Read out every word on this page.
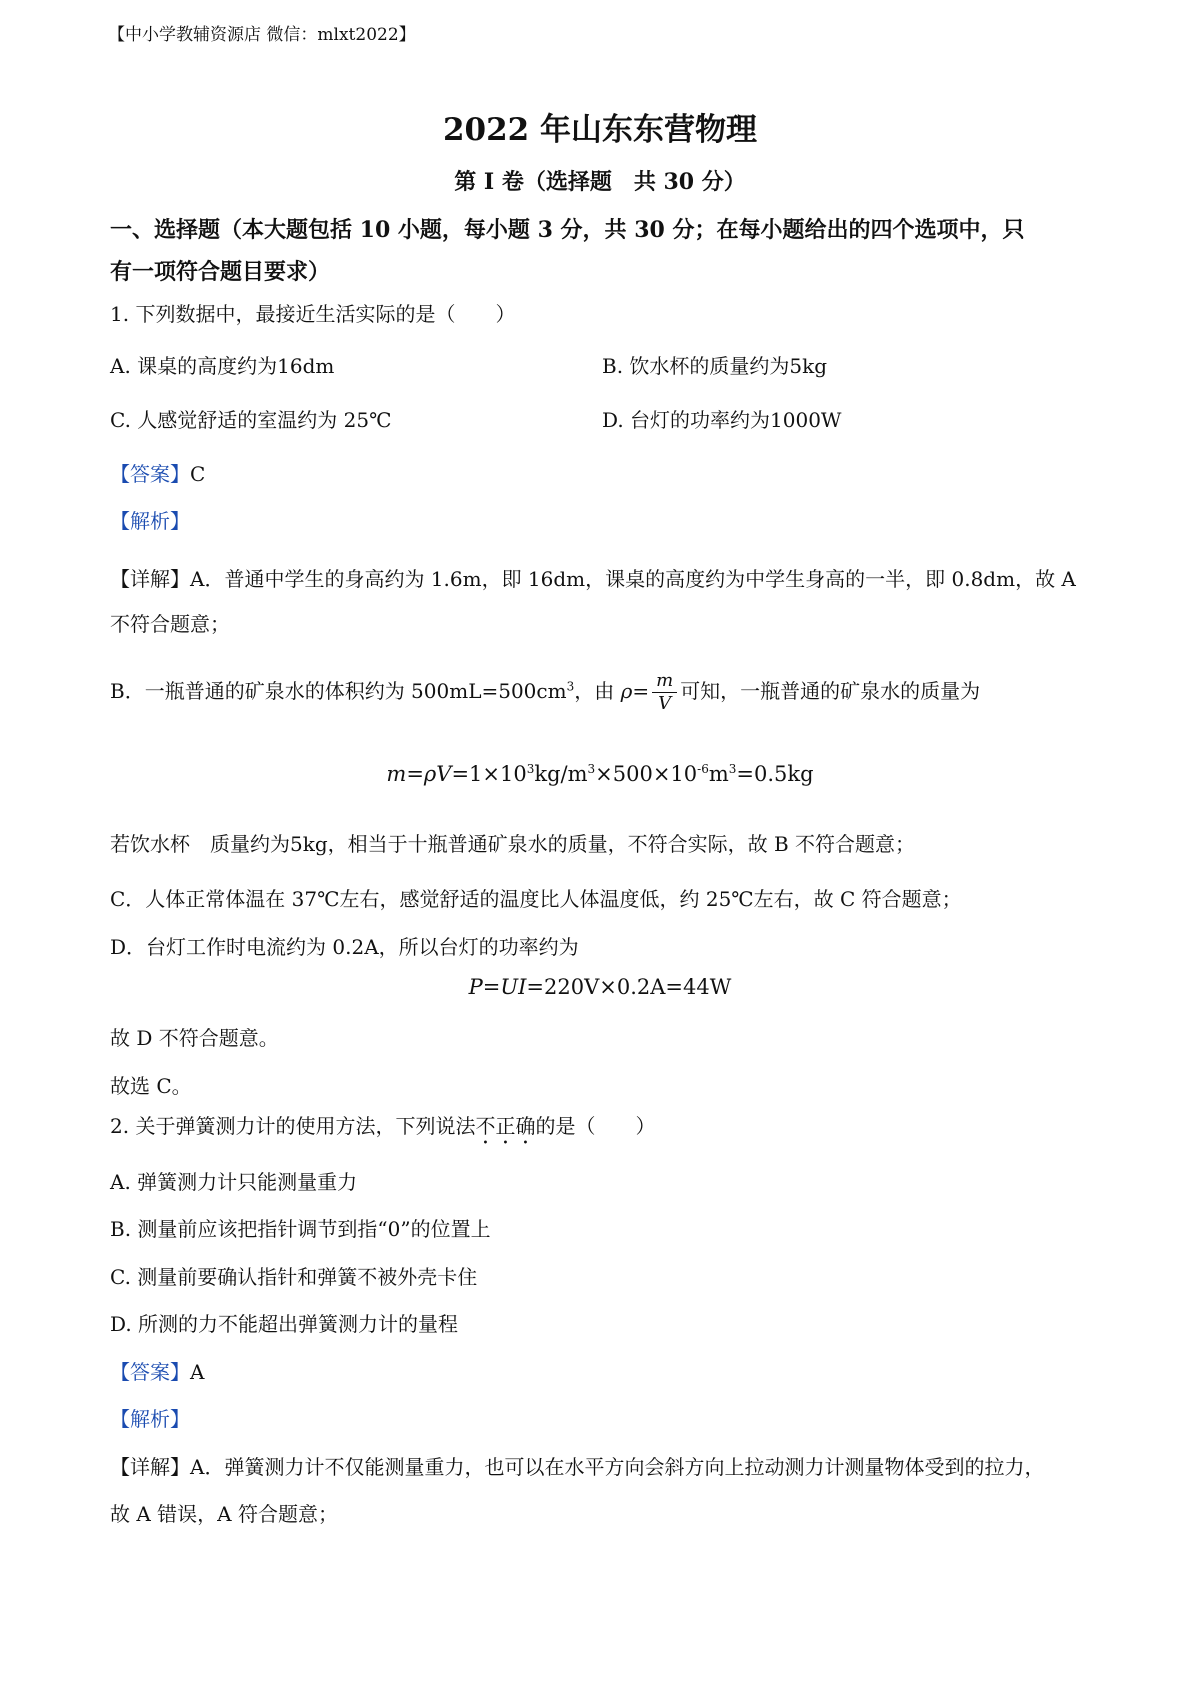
【中小学教辅资源店 微信：mlxt2022】
2022 年山东东营物理
第 I 卷（选择题　共 30 分）
一、选择题（本大题包括 10 小题，每小题 3 分，共 30 分；在每小题给出的四个选项中，只
有一项符合题目要求）
1. 下列数据中，最接近生活实际的是（　　）
A. 课桌的高度约为16dm	B. 饮水杯的质量约为5kg
C. 人感觉舒适的室温约为 25℃	D. 台灯的功率约为1000W
【答案】C
【解析】
【详解】A．普通中学生的身高约为 1.6m，即 16dm，课桌的高度约为中学生身高的一半，即 0.8dm，故 A
不符合题意；
B．一瓶普通的矿泉水的体积约为 $500mL=500cm^3$，由 $\rho= \frac{m}{V}$ 可知，一瓶普通的矿泉水的质量为
$m=\rho V=1\times 10^3kg/m^3\times 500\times 10^{-6}m^3=0.5kg$
若饮水杯　质量约为5kg，相当于十瓶普通矿泉水的质量，不符合实际，故 B 不符合题意；
C．人体正常体温在 37℃左右，感觉舒适的温度比人体温度低，约 25℃左右，故 C 符合题意；
D．台灯工作时电流约为 0.2A，所以台灯的功率约为
P=UI=220V×0.2A=44W
故 D 不符合题意。
故选 C。
2. 关于弹簧测力计的使用方法，下列说法不正确的是（　　）
A. 弹簧测力计只能测量重力
B. 测量前应该把指针调节到指“0”的位置上
C. 测量前要确认指针和弹簧不被外壳卡住
D. 所测的力不能超出弹簧测力计的量程
【答案】A
【解析】
【详解】A．弹簧测力计不仅能测量重力，也可以在水平方向会斜方向上拉动测力计测量物体受到的拉力，
故 A 错误，A 符合题意；
